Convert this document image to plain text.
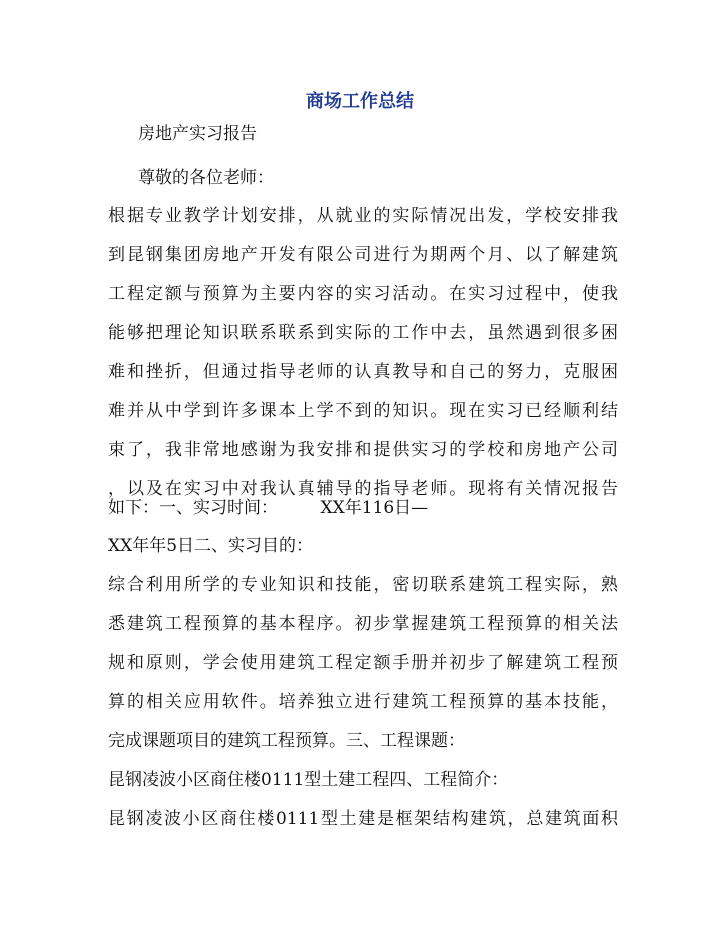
商场工作总结
房地产实习报告
尊敬的各位老师：
根据专业教学计划安排，从就业的实际情况出发，学校安排我
到昆钢集团房地产开发有限公司进行为期两个月、以了解建筑
工程定额与预算为主要内容的实习活动。在实习过程中，使我
能够把理论知识联系联系到实际的工作中去，虽然遇到很多困
难和挫折，但通过指导老师的认真教导和自己的努力，克服困
难并从中学到许多课本上学不到的知识。现在实习已经顺利结
束了，我非常地感谢为我安排和提供实习的学校和房地产公司
，以及在实习中对我认真辅导的指导老师。现将有关情况报告
如下：一、实习时间：　　　XX年116日—
XX年年5日二、实习目的：
综合利用所学的专业知识和技能，密切联系建筑工程实际，熟
悉建筑工程预算的基本程序。初步掌握建筑工程预算的相关法
规和原则，学会使用建筑工程定额手册并初步了解建筑工程预
算的相关应用软件。培养独立进行建筑工程预算的基本技能，
完成课题项目的建筑工程预算。三、工程课题：
昆钢凌波小区商住楼0111型土建工程四、工程简介：
昆钢凌波小区商住楼0111型土建是框架结构建筑，总建筑面积
